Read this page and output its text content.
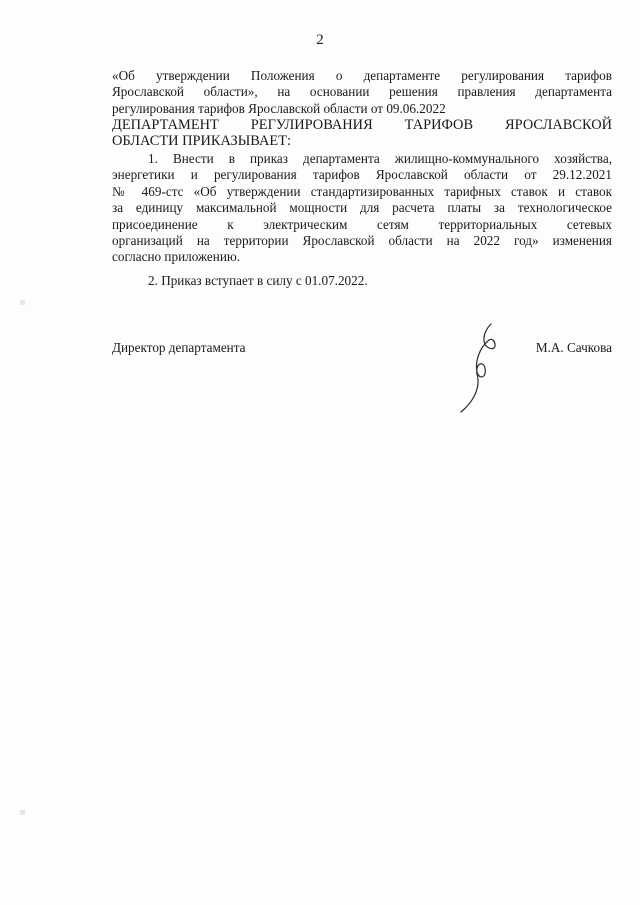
2
«Об утверждении Положения о департаменте регулирования тарифов
Ярославской области», на основании решения правления департамента
регулирования тарифов Ярославской области от 09.06.2022
ДЕПАРТАМЕНТ РЕГУЛИРОВАНИЯ ТАРИФОВ ЯРОСЛАВСКОЙ
ОБЛАСТИ ПРИКАЗЫВАЕТ:
1. Внести в приказ департамента жилищно-коммунального хозяйства,
энергетики и регулирования тарифов Ярославской области от 29.12.2021
№ 469-стс «Об утверждении стандартизированных тарифных ставок и ставок
за единицу максимальной мощности для расчета платы за технологическое
присоединение к электрическим сетям территориальных сетевых
организаций на территории Ярославской области на 2022 год» изменения
согласно приложению.
2. Приказ вступает в силу с 01.07.2022.
Директор департамента	М.А. Сачкова
